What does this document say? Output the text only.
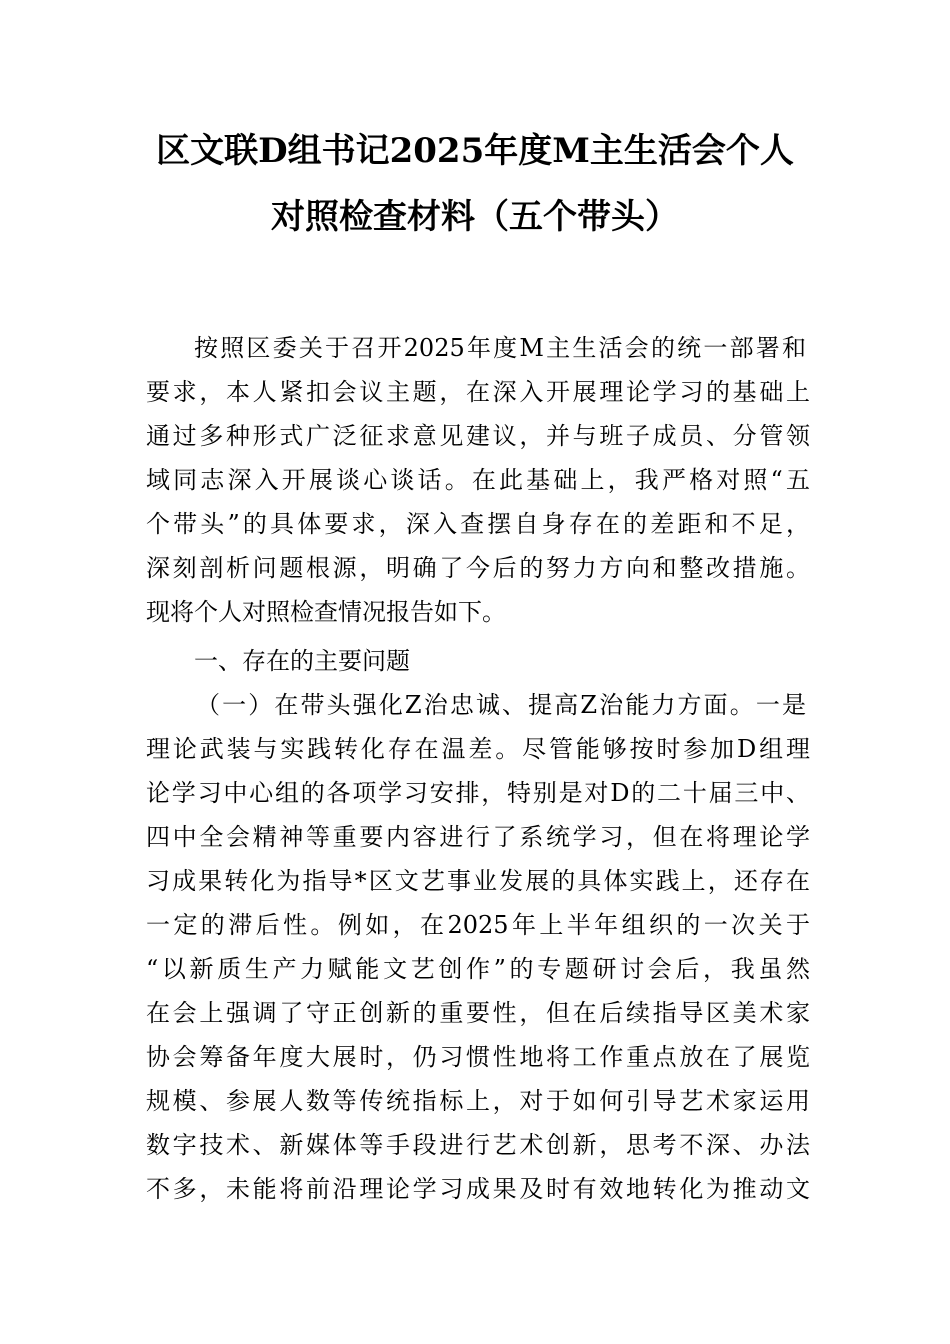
区文联D组书记2025年度M主生活会个人
对照检查材料（五个带头）
按照区委关于召开2025年度M主生活会的统一部署和
要求，本人紧扣会议主题，在深入开展理论学习的基础上
通过多种形式广泛征求意见建议，并与班子成员、分管领
域同志深入开展谈心谈话。在此基础上，我严格对照“五
个带头”的具体要求，深入查摆自身存在的差距和不足，
深刻剖析问题根源，明确了今后的努力方向和整改措施。
现将个人对照检查情况报告如下。
一、存在的主要问题
（一）在带头强化Z治忠诚、提高Z治能力方面。一是
理论武装与实践转化存在温差。尽管能够按时参加D组理
论学习中心组的各项学习安排，特别是对D的二十届三中、
四中全会精神等重要内容进行了系统学习，但在将理论学
习成果转化为指导*区文艺事业发展的具体实践上，还存在
一定的滞后性。例如，在2025年上半年组织的一次关于
“以新质生产力赋能文艺创作”的专题研讨会后，我虽然
在会上强调了守正创新的重要性，但在后续指导区美术家
协会筹备年度大展时，仍习惯性地将工作重点放在了展览
规模、参展人数等传统指标上，对于如何引导艺术家运用
数字技术、新媒体等手段进行艺术创新，思考不深、办法
不多，未能将前沿理论学习成果及时有效地转化为推动文
